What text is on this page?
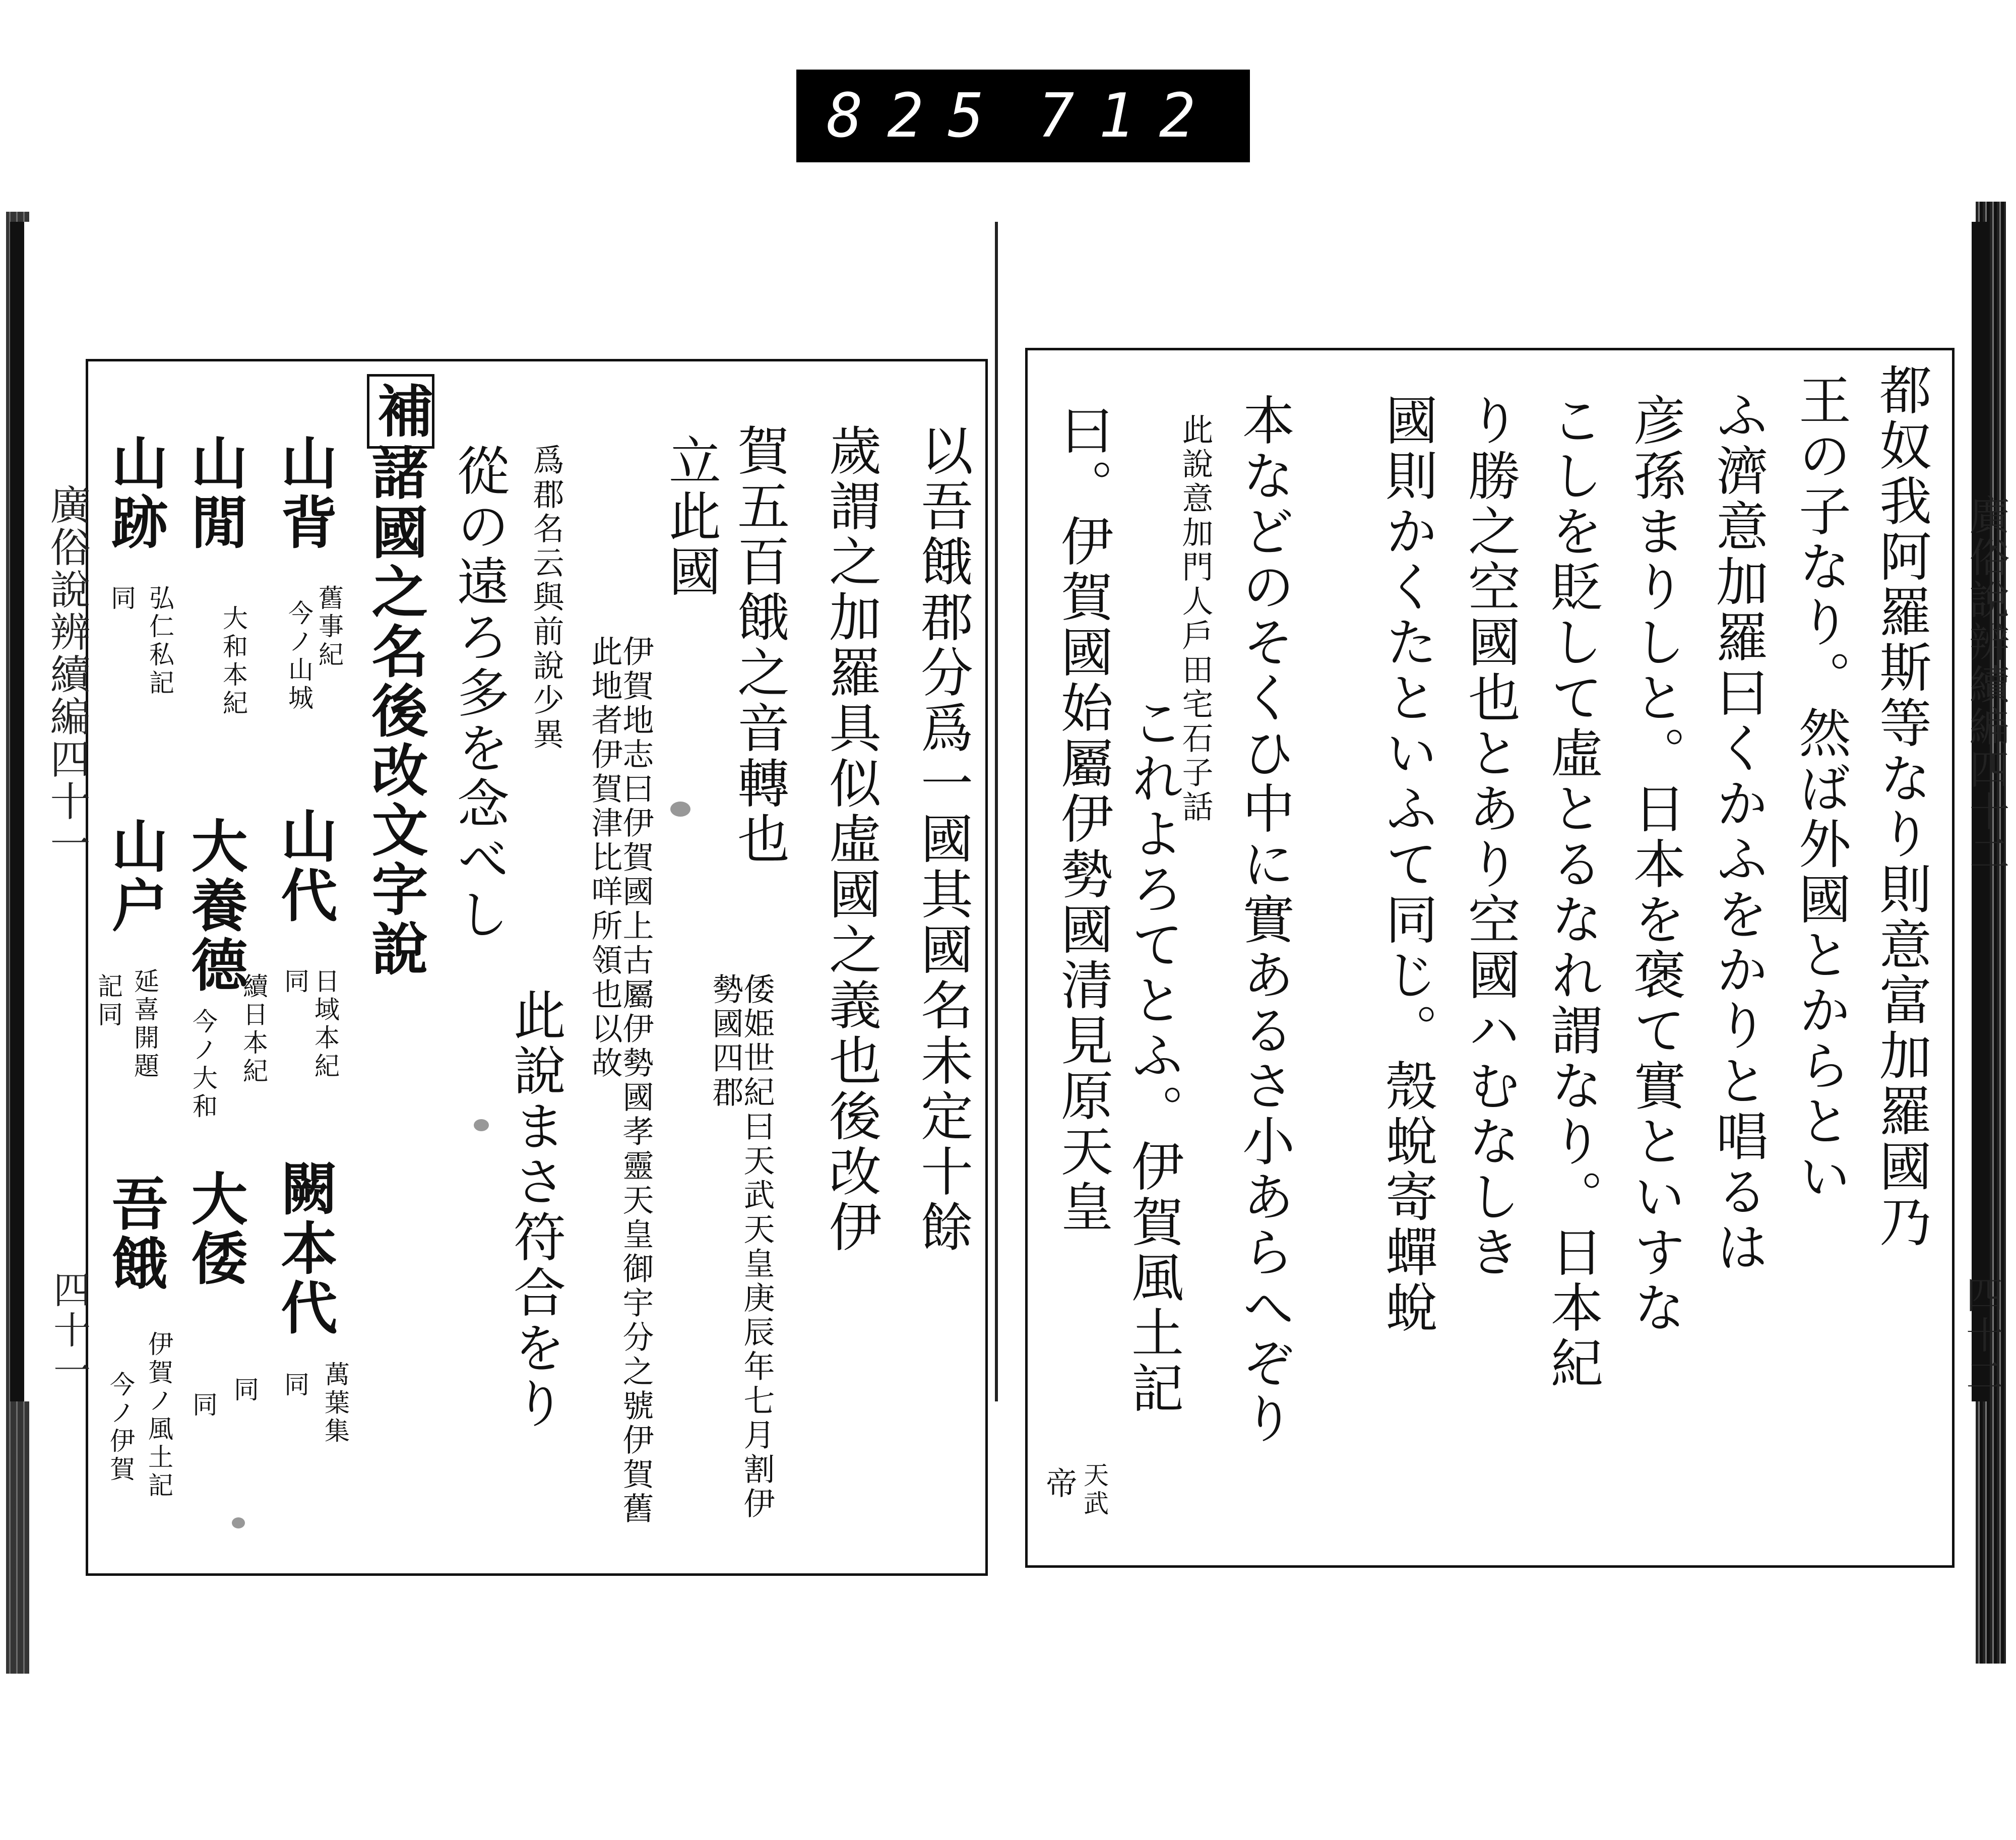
825 712
廣俗說辨續編四十一
四十一
以吾餓郡分爲一國其國名未定十餘
歲謂之加羅具似虛國之義也後改伊
賀五百餓之音轉也
倭姫世紀曰天武天皇庚辰年七月割伊勢國四郡
立此國
伊賀地志曰伊賀國上古屬伊勢國孝靈天皇御宇分之號伊賀舊此地者伊賀津比咩所領也以故
爲郡名云與前說少異
此說まさ符合をり
從の遠ろ多を念べし
補
諸國之名後改文字說
山背
舊事紀
今ノ山城
山代
日域本紀
同
闕本代
萬葉集
同
山閒
大和本紀
大養德
續日本紀
今ノ大和
大倭
同
同
山跡
弘仁私記
同
山户
延喜開題
記同
吾餓
伊賀ノ風土記
今ノ伊賀
廣俗說辨續編四十二
四十二
都奴我阿羅斯等なり則意富加羅國乃
王の子なり。然ば外國とからとい
ふ濟意加羅曰くかふをかりと唱るは
彦孫まりしと。日本を褒て實といすな
こしを貶して虛とるなれ謂なり。日本紀
り勝之空國也とあり空國ハむなしき
國則かくたといふて同じ。殼蛻寄蟬蛻
本などのそくひ中に實あるさ小あらへぞり
此說意加門人戶田宅石子話
これよろてとふ。伊賀風土記
曰。伊賀國始屬伊勢國清見原天皇
帝 天武
